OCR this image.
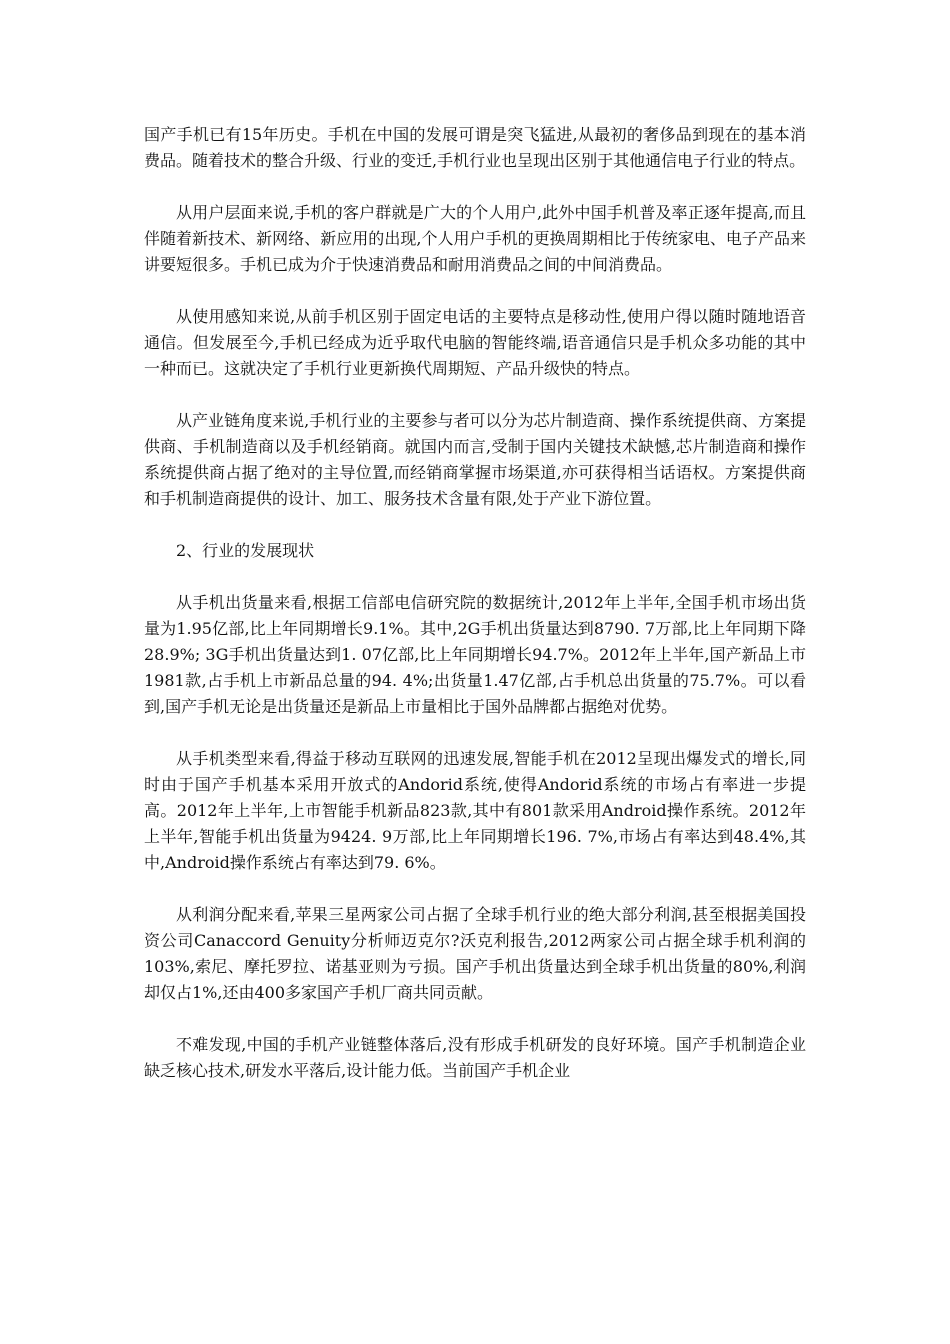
国产手机已有15年历史。手机在中国的发展可谓是突飞猛进,从最初的奢侈品到现在的基本消费品。随着技术的整合升级、行业的变迁,手机行业也呈现出区别于其他通信电子行业的特点。

从用户层面来说,手机的客户群就是广大的个人用户,此外中国手机普及率正逐年提高,而且伴随着新技术、新网络、新应用的出现,个人用户手机的更换周期相比于传统家电、电子产品来讲要短很多。手机已成为介于快速消费品和耐用消费品之间的中间消费品。

从使用感知来说,从前手机区别于固定电话的主要特点是移动性,使用户得以随时随地语音通信。但发展至今,手机已经成为近乎取代电脑的智能终端,语音通信只是手机众多功能的其中一种而已。这就决定了手机行业更新换代周期短、产品升级快的特点。

从产业链角度来说,手机行业的主要参与者可以分为芯片制造商、操作系统提供商、方案提供商、手机制造商以及手机经销商。就国内而言,受制于国内关键技术缺憾,芯片制造商和操作系统提供商占据了绝对的主导位置,而经销商掌握市场渠道,亦可获得相当话语权。方案提供商和手机制造商提供的设计、加工、服务技术含量有限,处于产业下游位置。

2、行业的发展现状

从手机出货量来看,根据工信部电信研究院的数据统计,2012年上半年,全国手机市场出货量为1.95亿部,比上年同期增长9.1%。其中,2G手机出货量达到8790. 7万部,比上年同期下降28.9%; 3G手机出货量达到1. 07亿部,比上年同期增长94.7%。2012年上半年,国产新品上市1981款,占手机上市新品总量的94. 4%;出货量1.47亿部,占手机总出货量的75.7%。可以看到,国产手机无论是出货量还是新品上市量相比于国外品牌都占据绝对优势。

从手机类型来看,得益于移动互联网的迅速发展,智能手机在2012呈现出爆发式的增长,同时由于国产手机基本采用开放式的Andorid系统,使得Andorid系统的市场占有率进一步提高。2012年上半年,上市智能手机新品823款,其中有801款采用Android操作系统。2012年上半年,智能手机出货量为9424. 9万部,比上年同期增长196. 7%,市场占有率达到48.4%,其中,Android操作系统占有率达到79. 6%。

从利润分配来看,苹果三星两家公司占据了全球手机行业的绝大部分利润,甚至根据美国投资公司Canaccord Genuity分析师迈克尔?沃克利报告,2012两家公司占据全球手机利润的103%,索尼、摩托罗拉、诺基亚则为亏损。国产手机出货量达到全球手机出货量的80%,利润却仅占1%,还由400多家国产手机厂商共同贡献。

不难发现,中国的手机产业链整体落后,没有形成手机研发的良好环境。国产手机制造企业缺乏核心技术,研发水平落后,设计能力低。当前国产手机企业
